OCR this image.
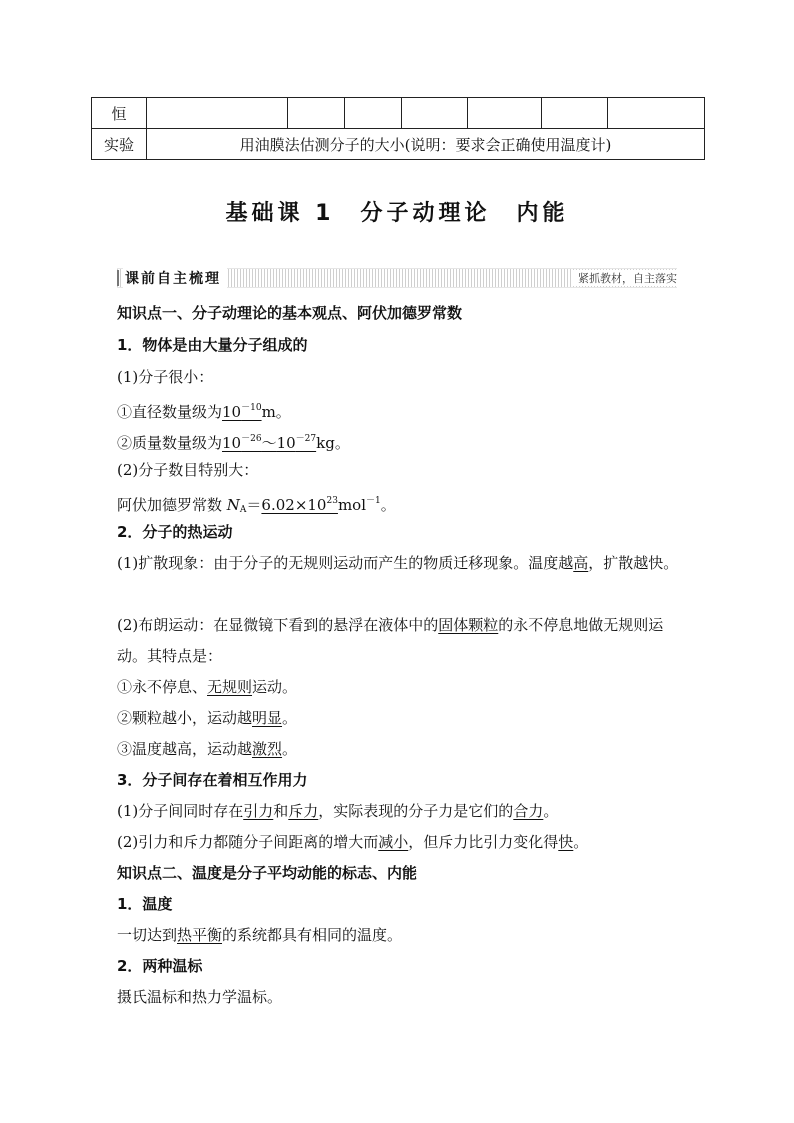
恒							
实验	用油膜法估测分子的大小(说明：要求会正确使用温度计)						
基础课 1　分子动理论　内能
课前自主梳理	紧抓教材，自主落实
知识点一、分子动理论的基本观点、阿伏加德罗常数
1．物体是由大量分子组成的
(1)分子很小：
①直径数量级为$10^{-10}m$。
②质量数量级为$10^{-26}\sim 10^{-27}kg$。
(2)分子数目特别大：
阿伏加德罗常数 $N_A=6.02\times 10^{23}mol^{-1}$。
2．分子的热运动
(1)扩散现象：由于分子的无规则运动而产生的物质迁移现象。温度越高，扩散越快。
(2)布朗运动：在显微镜下看到的悬浮在液体中的固体颗粒的永不停息地做无规则运动。其特点是：
①永不停息、无规则运动。
②颗粒越小，运动越明显。
③温度越高，运动越激烈。
3．分子间存在着相互作用力
(1)分子间同时存在引力和斥力，实际表现的分子力是它们的合力。
(2)引力和斥力都随分子间距离的增大而减小，但斥力比引力变化得快。
知识点二、温度是分子平均动能的标志、内能
1．温度
一切达到热平衡的系统都具有相同的温度。
2．两种温标
摄氏温标和热力学温标。
